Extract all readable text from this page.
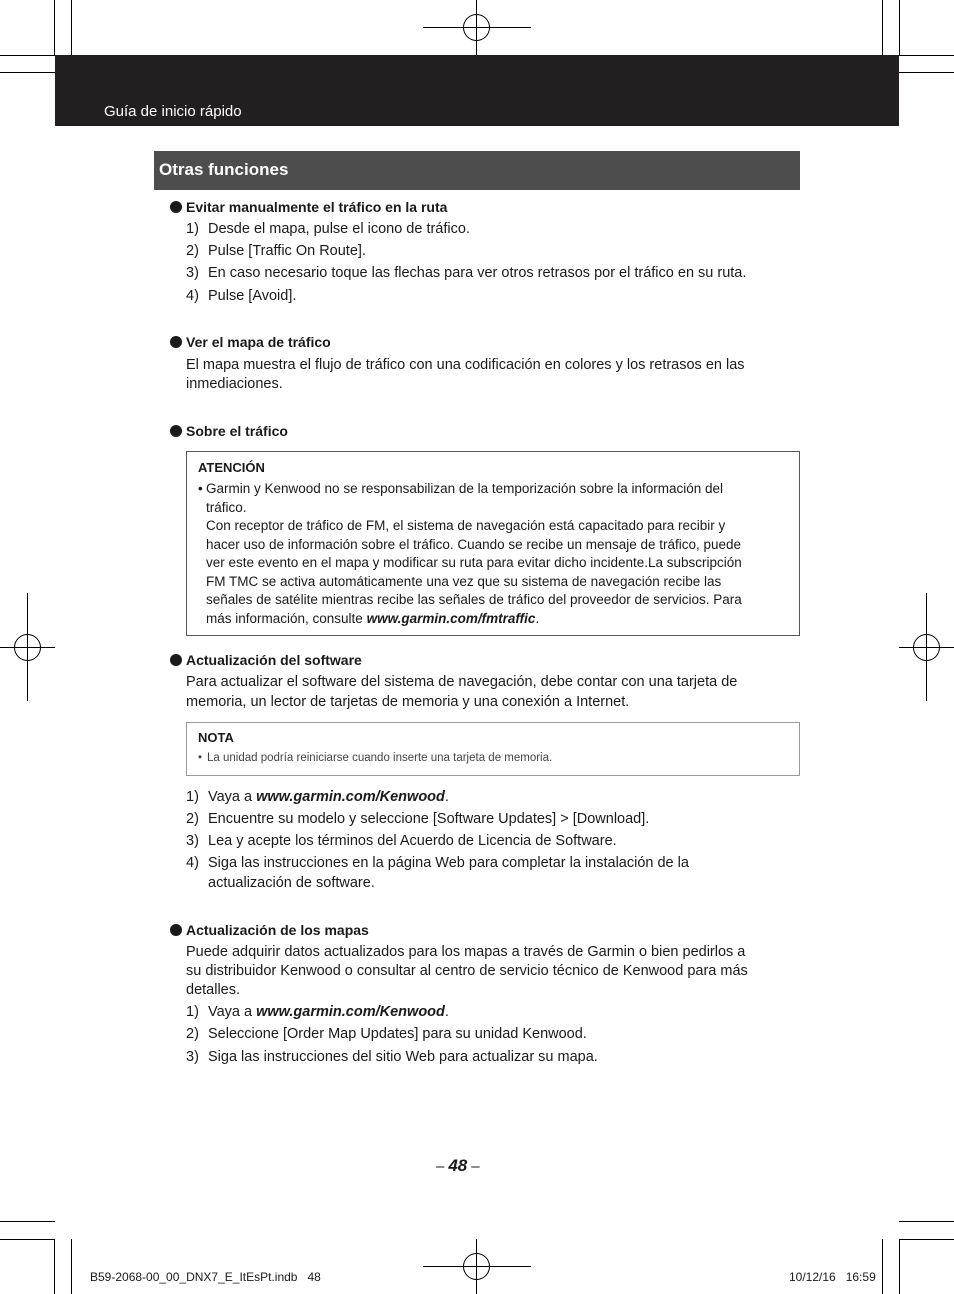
Guía de inicio rápido
Otras funciones
Evitar manualmente el tráfico en la ruta
1) Desde el mapa, pulse el icono de tráfico.
2) Pulse [Traffic On Route].
3) En caso necesario toque las flechas para ver otros retrasos por el tráfico en su ruta.
4) Pulse [Avoid].
Ver el mapa de tráfico
El mapa muestra el flujo de tráfico con una codificación en colores y los retrasos en las
inmediaciones.
Sobre el tráfico
ATENCIÓN
• Garmin y Kenwood no se responsabilizan de la temporización sobre la información del
tráfico.
Con receptor de tráfico de FM, el sistema de navegación está capacitado para recibir y
hacer uso de información sobre el tráfico. Cuando se recibe un mensaje de tráfico, puede
ver este evento en el mapa y modificar su ruta para evitar dicho incidente.La subscripción
FM TMC se activa automáticamente una vez que su sistema de navegación recibe las
señales de satélite mientras recibe las señales de tráfico del proveedor de servicios. Para
más información, consulte www.garmin.com/fmtraffic.
Actualización del software
Para actualizar el software del sistema de navegación, debe contar con una tarjeta de
memoria, un lector de tarjetas de memoria y una conexión a Internet.
NOTA
• La unidad podría reiniciarse cuando inserte una tarjeta de memoria.
1) Vaya a www.garmin.com/Kenwood.
2) Encuentre su modelo y seleccione [Software Updates] > [Download].
3) Lea y acepte los términos del Acuerdo de Licencia de Software.
4) Siga las instrucciones en la página Web para completar la instalación de la
actualización de software.
Actualización de los mapas
Puede adquirir datos actualizados para los mapas a través de Garmin o bien pedirlos a
su distribuidor Kenwood o consultar al centro de servicio técnico de Kenwood para más
detalles.
1) Vaya a www.garmin.com/Kenwood.
2) Seleccione [Order Map Updates] para su unidad Kenwood.
3) Siga las instrucciones del sitio Web para actualizar su mapa.
– 48 –
B59-2068-00_00_DNX7_E_ItEsPt.indb   48	10/12/16   16:59
